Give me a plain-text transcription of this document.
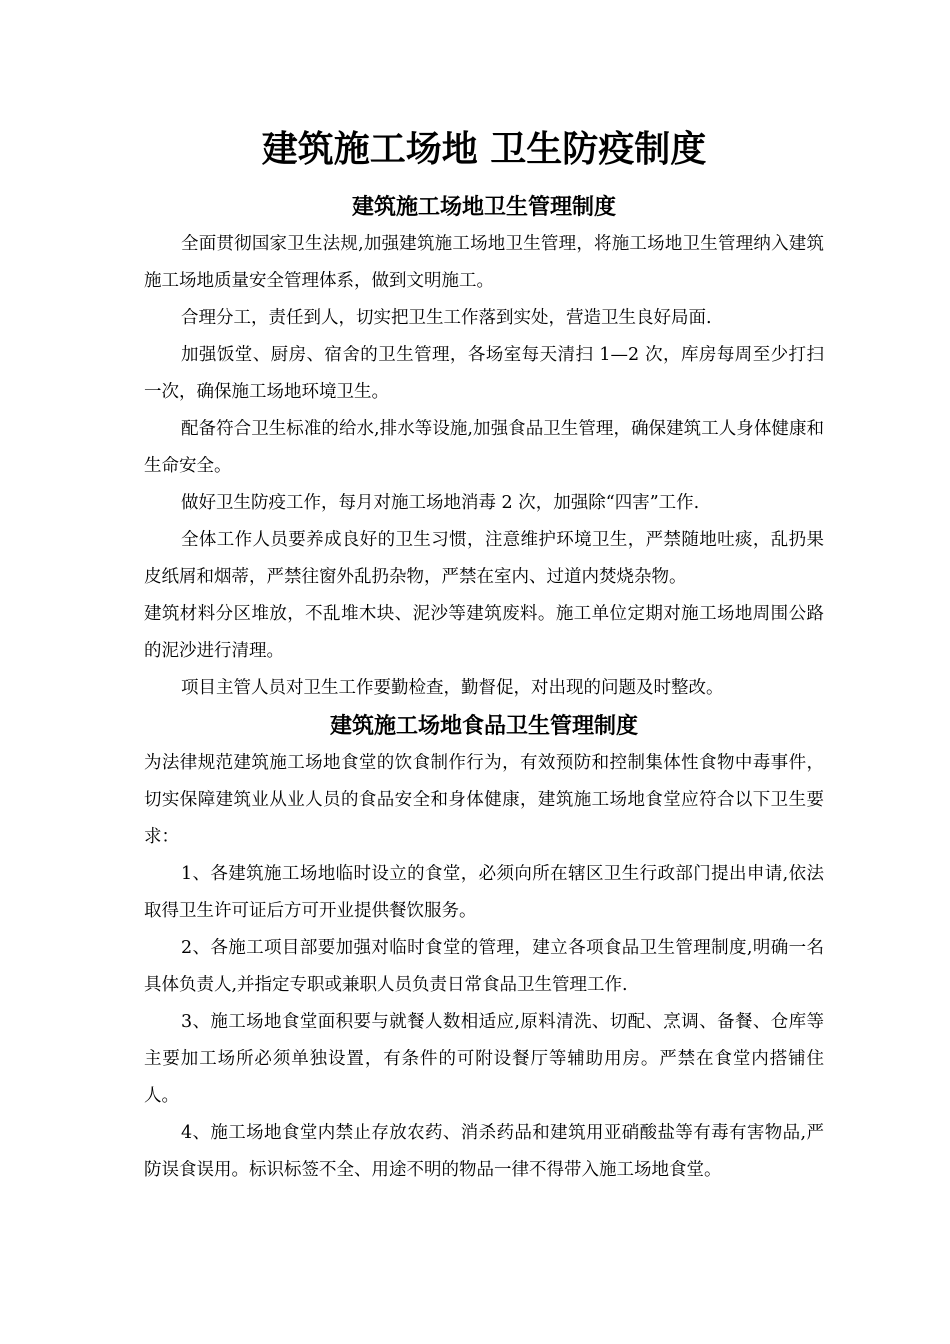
建筑施工场地 卫生防疫制度
建筑施工场地卫生管理制度

全面贯彻国家卫生法规,加强建筑施工场地卫生管理，将施工场地卫生管理纳入建筑施工场地质量安全管理体系，做到文明施工。

合理分工，责任到人，切实把卫生工作落到实处，营造卫生良好局面.

加强饭堂、厨房、宿舍的卫生管理，各场室每天清扫 1—2 次，库房每周至少打扫一次，确保施工场地环境卫生。

配备符合卫生标准的给水,排水等设施,加强食品卫生管理，确保建筑工人身体健康和生命安全。

做好卫生防疫工作，每月对施工场地消毒 2 次，加强除“四害”工作.

全体工作人员要养成良好的卫生习惯，注意维护环境卫生，严禁随地吐痰，乱扔果皮纸屑和烟蒂，严禁往窗外乱扔杂物，严禁在室内、过道内焚烧杂物。

建筑材料分区堆放，不乱堆木块、泥沙等建筑废料。施工单位定期对施工场地周围公路的泥沙进行清理。

项目主管人员对卫生工作要勤检查，勤督促，对出现的问题及时整改。

建筑施工场地食品卫生管理制度

为法律规范建筑施工场地食堂的饮食制作行为，有效预防和控制集体性食物中毒事件，切实保障建筑业从业人员的食品安全和身体健康，建筑施工场地食堂应符合以下卫生要求：

1、各建筑施工场地临时设立的食堂，必须向所在辖区卫生行政部门提出申请,依法取得卫生许可证后方可开业提供餐饮服务。

2、各施工项目部要加强对临时食堂的管理，建立各项食品卫生管理制度,明确一名具体负责人,并指定专职或兼职人员负责日常食品卫生管理工作.

3、施工场地食堂面积要与就餐人数相适应,原料清洗、切配、烹调、备餐、仓库等主要加工场所必须单独设置，有条件的可附设餐厅等辅助用房。严禁在食堂内搭铺住人。

4、施工场地食堂内禁止存放农药、消杀药品和建筑用亚硝酸盐等有毒有害物品,严防误食误用。标识标签不全、用途不明的物品一律不得带入施工场地食堂。
